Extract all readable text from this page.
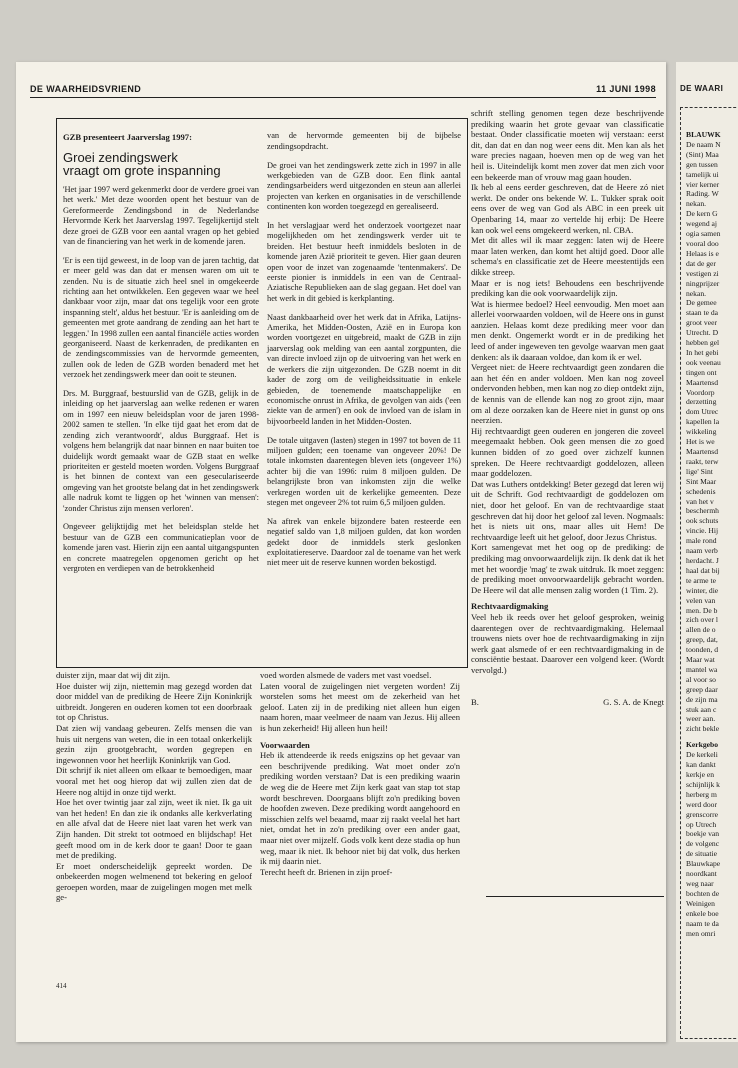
DE WAARHEIDSVRIEND	11 JUNI 1998

GZB presenteert Jaarverslag 1997:

Groei zendingswerk
vraagt om grote inspanning

'Het jaar 1997 werd gekenmerkt door de verdere groei van het werk.' Met deze woorden opent het bestuur van de Gereformeerde Zendingsbond in de Nederlandse Hervormde Kerk het Jaarverslag 1997. Tegelijkertijd stelt deze groei de GZB voor een aantal vragen op het gebied van de financiering van het werk in de komende jaren.

'Er is een tijd geweest, in de loop van de jaren tachtig, dat er meer geld was dan dat er mensen waren om uit te zenden. Nu is de situatie zich heel snel in omgekeerde richting aan het ontwikkelen. Een gegeven waar we heel dankbaar voor zijn, maar dat ons tegelijk voor een grote inspanning stelt', aldus het bestuur. 'Er is aanleiding om de gemeenten met grote aandrang de zending aan het hart te leggen.' In 1998 zullen een aantal financiële acties worden georganiseerd. Naast de kerkenraden, de predikanten en de zendingscommissies van de hervormde gemeenten, zullen ook de leden de GZB worden benaderd met het verzoek het zendingswerk meer dan ooit te steunen.

Drs. M. Burggraaf, bestuurslid van de GZB, gelijk in de inleiding op het jaarverslag aan welke redenen er waren om in 1997 een nieuw beleidsplan voor de jaren 1998-2002 samen te stellen. 'In elke tijd gaat het erom dat de zending zich verantwoordt', aldus Burggraaf. Het is volgens hem belangrijk dat naar binnen en naar buiten toe duidelijk wordt gemaakt waar de GZB staat en welke prioriteiten er gesteld moeten worden. Volgens Burggraaf is het binnen de context van een geseculariseerde omgeving van het grootste belang dat in het zendingswerk alle nadruk komt te liggen op het 'winnen van mensen': 'zonder Christus zijn mensen verloren'.

Ongeveer gelijktijdig met het beleidsplan stelde het bestuur van de GZB een communicatieplan voor de komende jaren vast. Hierin zijn een aantal uitgangspunten en concrete maatregelen opgenomen gericht op het vergroten en verdiepen van de betrokkenheid

van de hervormde gemeenten bij de bijbelse zendingsopdracht.

De groei van het zendingswerk zette zich in 1997 in alle werkgebieden van de GZB door. Een flink aantal zendingsarbeiders werd uitgezonden en steun aan allerlei projecten van kerken en organisaties in de verschillende continenten kon worden toegezegd en gerealiseerd.

In het verslagjaar werd het onderzoek voortgezet naar mogelijkheden om het zendingswerk verder uit te breiden. Het bestuur heeft inmiddels besloten in de komende jaren Azië prioriteit te geven. Hier gaan deuren open voor de inzet van zogenaamde 'tentenmakers'. De eerste pionier is inmiddels in een van de Centraal-Aziatische Republieken aan de slag gegaan. Het doel van het werk in dit gebied is kerkplanting.

Naast dankbaarheid over het werk dat in Afrika, Latijns-Amerika, het Midden-Oosten, Azië en in Europa kon worden voortgezet en uitgebreid, maakt de GZB in zijn jaarverslag ook melding van een aantal zorgpunten, die van directe invloed zijn op de uitvoering van het werk en de werkers die zijn uitgezonden. De GZB noemt in dit kader de zorg om de veiligheidssituatie in enkele gebieden, de toenemende maatschappelijke en economische onrust in Afrika, de gevolgen van aids ('een ziekte van de armen') en ook de invloed van de islam in bijvoorbeeld landen in het Midden-Oosten.

De totale uitgaven (lasten) stegen in 1997 tot boven de 11 miljoen gulden; een toename van ongeveer 20%! De totale inkomsten daarentegen bleven iets (ongeveer 1%) achter bij die van 1996: ruim 8 miljoen gulden. De belangrijkste bron van inkomsten zijn die welke verkregen worden uit de kerkelijke gemeenten. Deze stegen met ongeveer 2% tot ruim 6,5 miljoen gulden.

Na aftrek van enkele bijzondere baten resteerde een negatief saldo van 1,8 miljoen gulden, dat kon worden gedekt door de inmiddels sterk geslonken exploitatiereserve. Daardoor zal de toename van het werk niet meer uit de reserve kunnen worden bekostigd.

duister zijn, maar dat wij dit zijn.

Hoe duister wij zijn, niettemin mag gezegd worden dat door middel van de prediking de Heere Zijn Koninkrijk uitbreidt. Jongeren en ouderen komen tot een doorbraak tot op Christus.

Dat zien wij vandaag gebeuren. Zelfs mensen die van huis uit nergens van weten, die in een totaal onkerkelijk gezin zijn grootgebracht, worden gegrepen en ingewonnen voor het heerlijk Koninkrijk van God.

Dit schrijf ik niet alleen om elkaar te bemoedigen, maar vooral met het oog hierop dat wij zullen zien dat de Heere nog altijd in onze tijd werkt.

Hoe het over twintig jaar zal zijn, weet ik niet. Ik ga uit van het heden! En dan zie ik ondanks alle kerkverlating en alle afval dat de Heere niet laat varen het werk van Zijn handen. Dit strekt tot ootmoed en blijdschap! Het geeft mood om in de kerk door te gaan! Door te gaan met de prediking.

Er moet onderscheidelijk gepreekt worden. De onbekeerden mogen welmenend tot bekering en geloof geroepen worden, maar de zuigelingen mogen met melk ge-

voed worden alsmede de vaders met vast voedsel.

Laten vooral de zuigelingen niet vergeten worden! Zij worstelen soms het meest om de zekerheid van het geloof. Laten zij in de prediking niet alleen hun eigen naam horen, maar veelmeer de naam van Jezus. Hij alleen is hun zekerheid! Hij alleen hun heil!

Voorwaarden

Heb ik attendeerde ik reeds enigszins op het gevaar van een beschrijvende prediking. Wat moet onder zo'n prediking worden verstaan? Dat is een prediking waarin de weg die de Heere met Zijn kerk gaat van stap tot stap wordt beschreven. Doorgaans blijft zo'n prediking boven de hoofden zweven. Deze prediking wordt aangehoord en misschien zelfs wel beaamd, maar zij raakt veelal het hart niet, omdat het in zo'n prediking over een ander gaat, maar niet over mijzelf. Gods volk kent deze stadia op hun weg, maar ik niet. Ik behoor niet bij dat volk, dus herken ik mij daarin niet.

Terecht heeft dr. Brienen in zijn proef-

schrift stelling genomen tegen deze beschrijvende prediking waarin het grote gevaar van classificatie bestaat. Onder classificatie moeten wij verstaan: eerst dit, dan dat en dan nog weer eens dit. Men kan als het ware precies nagaan, hoeven men op de weg van het heil is. Uiteindelijk komt men zover dat men zich voor een bekeerde man of vrouw mag gaan houden.

Ik heb al eens eerder geschreven, dat de Heere zó niet werkt. De onder ons bekende W. L. Tukker sprak ooit eens over de weg van God als ABC in een preek uit Openbaring 14, maar zo vertelde hij erbij: De Heere kan ook wel eens omgekeerd werken, nl. CBA.

Met dit alles wil ik maar zeggen: laten wij de Heere maar laten werken, dan komt het altijd goed. Door alle schema's en classificatie zet de Heere meestentijds een dikke streep.

Maar er is nog iets! Behoudens een beschrijvende prediking kan die ook voorwaardelijk zijn.

Wat is hiermee bedoel? Heel eenvoudig. Men moet aan allerlei voorwaarden voldoen, wil de Heere ons in gunst aanzien. Helaas komt deze prediking meer voor dan men denkt. Ongemerkt wordt er in de prediking het leed of ander ingeweven ten gevolge waarvan men gaat denken: als ik daaraan voldoe, dan kom ik er wel.

Vergeet niet: de Heere rechtvaardigt geen zondaren die aan het één en ander voldoen. Men kan nog zoveel ondervonden hebben, men kan nog zo diep ontdekt zijn, de kennis van de ellende kan nog zo groot zijn, maar om al deze oorzaken kan de Heere niet in gunst op ons neerzien.

Hij rechtvaardigt geen ouderen en jongeren die zoveel meegemaakt hebben. Ook geen mensen die zo goed kunnen bidden of zo goed over zichzelf kunnen spreken. De Heere rechtvaardigt goddelozen, alleen maar goddelozen.

Dat was Luthers ontdekking! Beter gezegd dat leren wij uit de Schrift. God rechtvaardigt de goddelozen om niet, door het geloof. En van de rechtvaardige staat geschreven dat hij door het geloof zal leven. Nogmaals: het is niets uit ons, maar alles uit Hem! De rechtvaardige leeft uit het geloof, door Jezus Christus.

Kort samengevat met het oog op de prediking: de prediking mag onvoorwaardelijk zijn. Ik denk dat ik het met het woordje 'mag' te zwak uitdruk. Ik moet zeggen: de prediking moet onvoorwaardelijk gebracht worden. De Heere wil dat alle mensen zalig worden (1 Tim. 2).

Rechtvaardigmaking

Veel heb ik reeds over het geloof gesproken, weinig daarentegen over de rechtvaardigmaking. Helemaal trouwens niets over hoe de rechtvaardigmaking in zijn werk gaat alsmede of er een rechtvaardigmaking in de consciëntie bestaat. Daarover een volgend keer. (Wordt vervolgd.)

B.	G. S. A. de Knegt

414
DE WAARI
BLAUWK
De naam N
(Sint) Maa
gen tussen
tamelijk ui
vier kerner
Rading. W
nekan.
De kern G
wegend aj
ogia samen
vooral doo
Helaas is e
dat de ger
vestigen zi
ningprijzer
nekan.
De gemee
staan te da
groot veer
Utrecht. D
hebben gel
In het gebi
ook veenau
tingen ont
Maartensd
Voordorp
derzetting
dom Utrec
kapellen la
wikkeling
Het is we
Maartensd
raakt, terw
lige' Sint
Sint Maar
schedenis
van het v
beschermh
ook schuts
vincie. Hij
male rond
naam verb
herdacht. J
haal dat bij
te arme te
winter, die
velen van
men. De b
zich over l
allen de o
greep, dat,
toonden, d
Maar wat
mantel wa
al voor so
greep daar
de zijn ma
stuk aan c
weer aan.
zicht bekle
Kerkgebo
De kerkeli
kan dankt
kerkje en
schijnlijk k
herberg m
werd door
grenscorre
op Utrech
boekje van
de volgenc
de situatie
Blauwkape
noordkant
weg naar
bochten de
Weinigen
enkele boe
naam te da
men omri
